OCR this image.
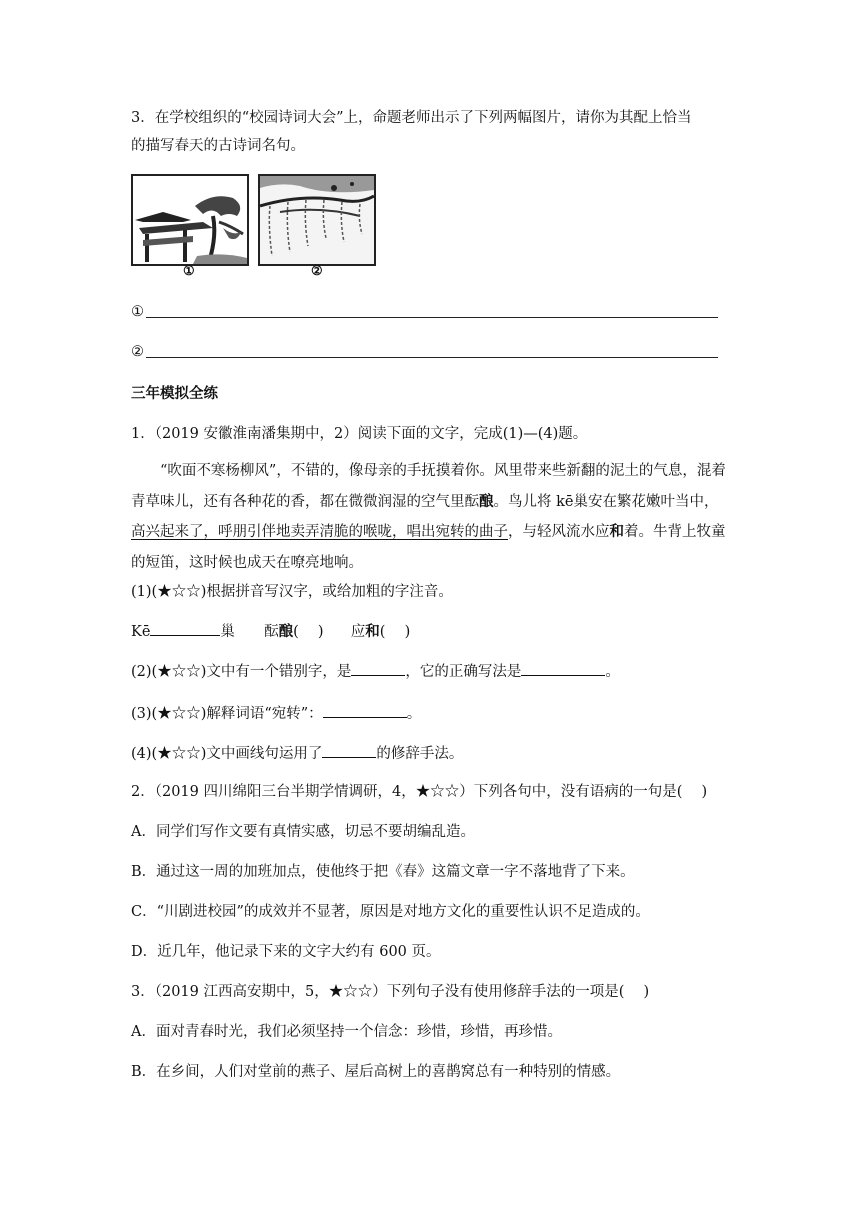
3．在学校组织的“校园诗词大会”上，命题老师出示了下列两幅图片，请你为其配上恰当
的描写春天的古诗词名句。
①	②
①
②
三年模拟全练
1．（2019 安徽淮南潘集期中，2）阅读下面的文字，完成(1)—(4)题。
“吹面不寒杨柳风”，不错的，像母亲的手抚摸着你。风里带来些新翻的泥土的气息，混着青草味儿，还有各种花的香，都在微微润湿的空气里酝酿。鸟儿将 kē巢安在繁花嫩叶当中，高兴起来了，呼朋引伴地卖弄清脆的喉咙，唱出宛转的曲子，与轻风流水应和着。牛背上牧童的短笛，这时候也成天在嘹亮地响。
(1)(★☆☆)根据拼音写汉字，或给加粗的字注音。
Kē	巢 酝酿(　 ) 应和(　 )
(2)(★☆☆)文中有一个错别字，是	，它的正确写法是	。
(3)(★☆☆)解释词语“宛转”：	。
(4)(★☆☆)文中画线句运用了	的修辞手法。
2．（2019 四川绵阳三台半期学情调研，4，★☆☆）下列各句中，没有语病的一句是(　 )
A．同学们写作文要有真情实感，切忌不要胡编乱造。
B．通过这一周的加班加点，使他终于把《春》这篇文章一字不落地背了下来。
C．“川剧进校园”的成效并不显著，原因是对地方文化的重要性认识不足造成的。
D．近几年，他记录下来的文字大约有 600 页。
3．（2019 江西高安期中，5，★☆☆）下列句子没有使用修辞手法的一项是(　 )
A．面对青春时光，我们必须坚持一个信念：珍惜，珍惜，再珍惜。
B．在乡间，人们对堂前的燕子、屋后高树上的喜鹊窝总有一种特别的情感。
